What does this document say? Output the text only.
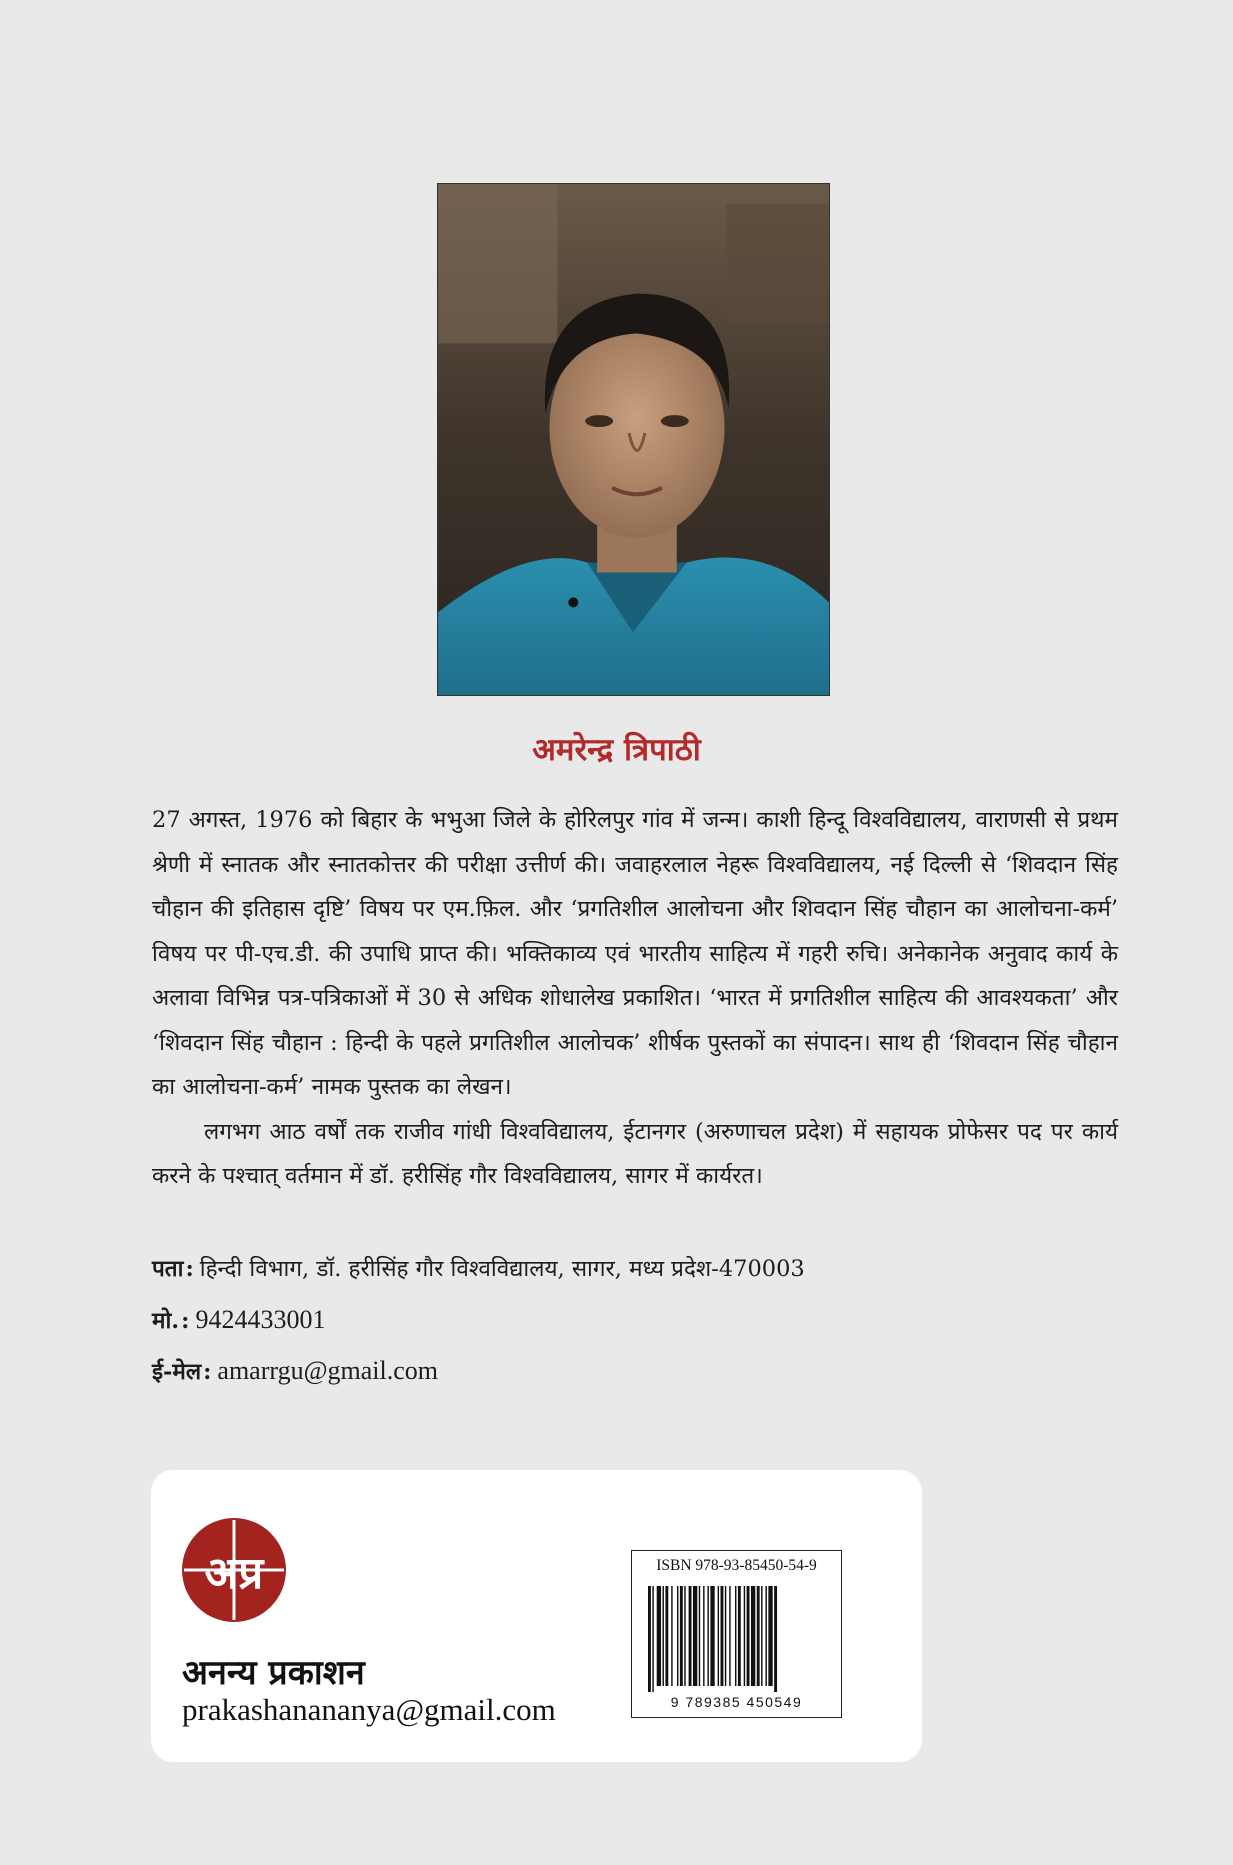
अमरेन्द्र त्रिपाठी

27 अगस्त, 1976 को बिहार के भभुआ जिले के होरिलपुर गांव में जन्म। काशी हिन्दू विश्वविद्यालय, वाराणसी से प्रथम श्रेणी में स्नातक और स्नातकोत्तर की परीक्षा उत्तीर्ण की। जवाहरलाल नेहरू विश्वविद्यालय, नई दिल्ली से ‘शिवदान सिंह चौहान की इतिहास दृष्टि’ विषय पर एम.फ़िल. और ‘प्रगतिशील आलोचना और शिवदान सिंह चौहान का आलोचना-कर्म’ विषय पर पी-एच.डी. की उपाधि प्राप्त की। भक्तिकाव्य एवं भारतीय साहित्य में गहरी रुचि। अनेकानेक अनुवाद कार्य के अलावा विभिन्न पत्र-पत्रिकाओं में 30 से अधिक शोधालेख प्रकाशित। ‘भारत में प्रगतिशील साहित्य की आवश्यकता’ और ‘शिवदान सिंह चौहान : हिन्दी के पहले प्रगतिशील आलोचक’ शीर्षक पुस्तकों का संपादन। साथ ही ‘शिवदान सिंह चौहान का आलोचना-कर्म’ नामक पुस्तक का लेखन।

लगभग आठ वर्षों तक राजीव गांधी विश्वविद्यालय, ईटानगर (अरुणाचल प्रदेश) में सहायक प्रोफेसर पद पर कार्य करने के पश्चात् वर्तमान में डॉ. हरीसिंह गौर विश्वविद्यालय, सागर में कार्यरत।

पता: हिन्दी विभाग, डॉ. हरीसिंह गौर विश्वविद्यालय, सागर, मध्य प्रदेश-470003
मो.: 9424433001
ई-मेल: amarrgu@gmail.com
अप्र
अनन्य प्रकाशन
prakashanananya@gmail.com
ISBN 978-93-85450-54-9
9 789385 450549
